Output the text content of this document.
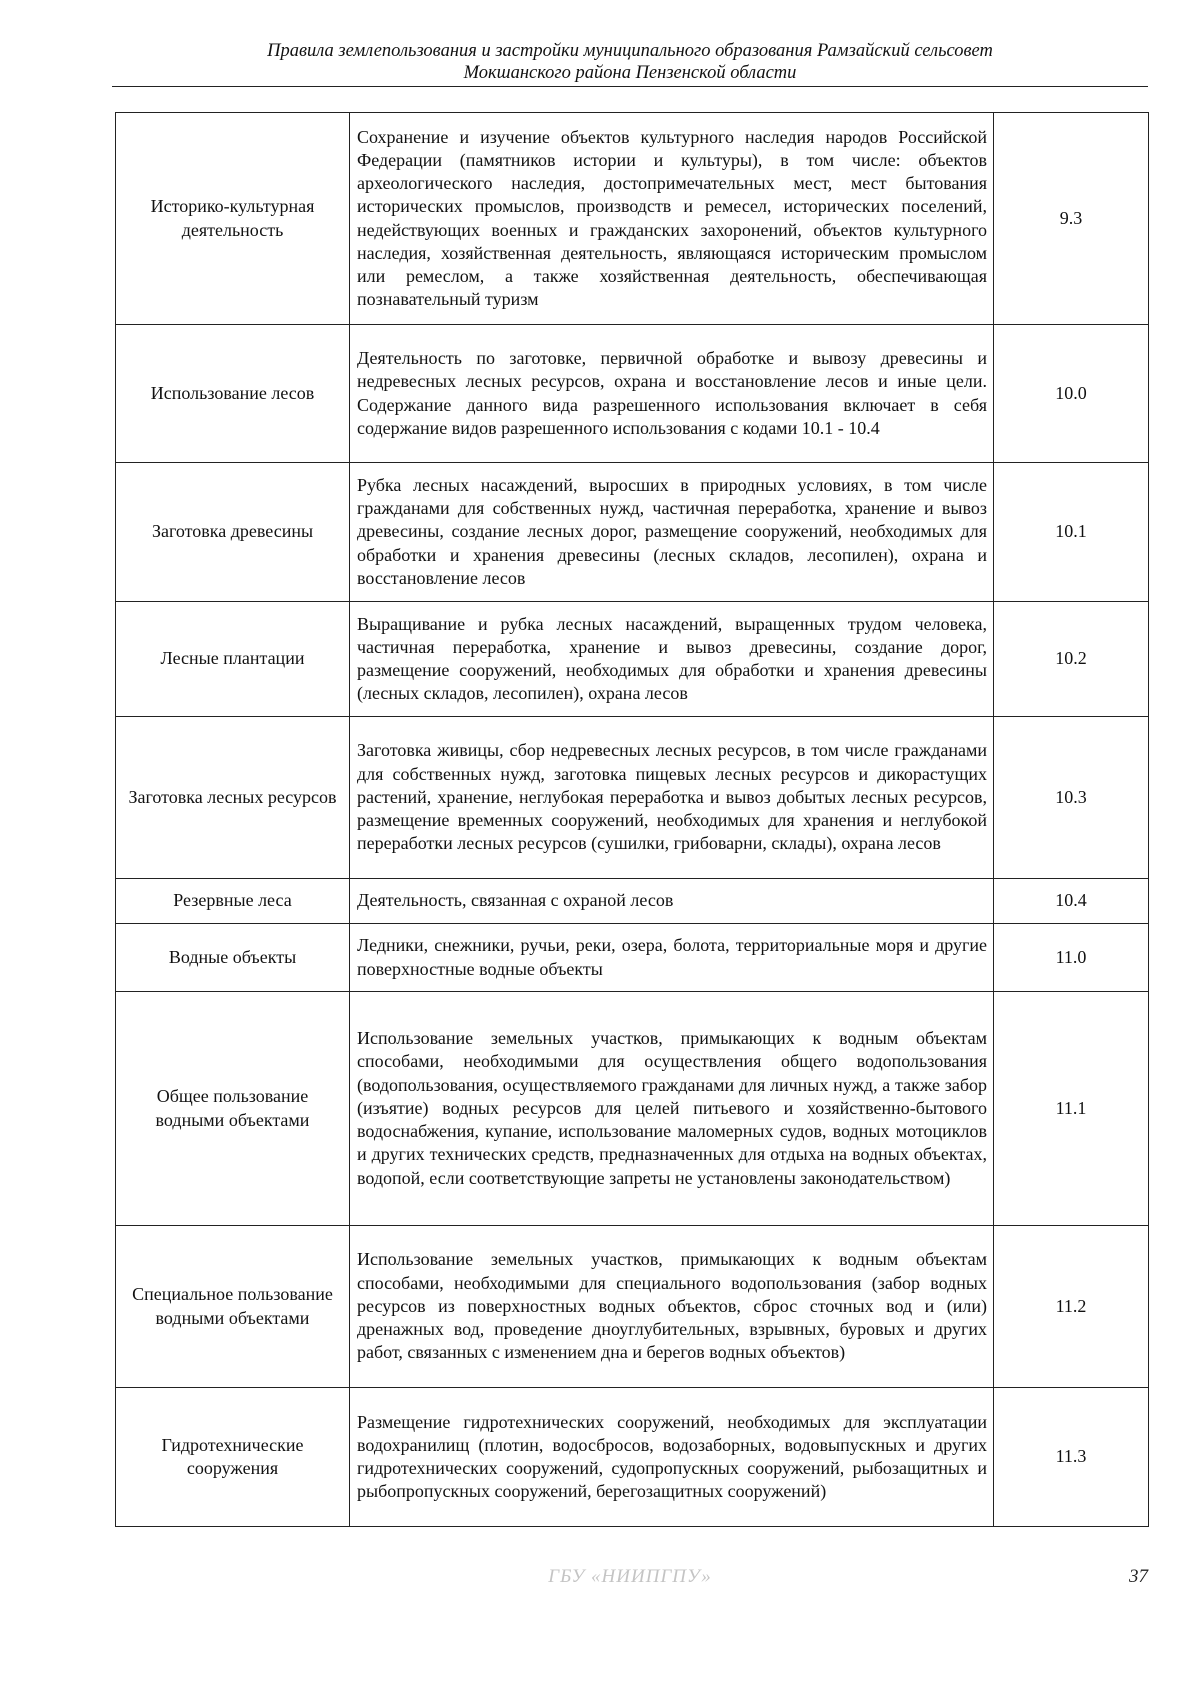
Правила землепользования и застройки муниципального образования Рамзайский сельсовет
Мокшанского района Пензенской области
Историко-культурная деятельность	Сохранение и изучение объектов культурного наследия народов Российской Федерации (памятников истории и культуры), в том числе: объектов археологического наследия, достопримечательных мест, мест бытования исторических промыслов, производств и ремесел, исторических поселений, недействующих военных и гражданских захоронений, объектов культурного наследия, хозяйственная деятельность, являющаяся историческим промыслом или ремеслом, а также хозяйственная деятельность, обеспечивающая познавательный туризм	9.3
Использование лесов	Деятельность по заготовке, первичной обработке и вывозу древесины и недревесных лесных ресурсов, охрана и восстановление лесов и иные цели. Содержание данного вида разрешенного использования включает в себя содержание видов разрешенного использования с кодами 10.1 - 10.4	10.0
Заготовка древесины	Рубка лесных насаждений, выросших в природных условиях, в том числе гражданами для собственных нужд, частичная переработка, хранение и вывоз древесины, создание лесных дорог, размещение сооружений, необходимых для обработки и хранения древесины (лесных складов, лесопилен), охрана и восстановление лесов	10.1
Лесные плантации	Выращивание и рубка лесных насаждений, выращенных трудом человека, частичная переработка, хранение и вывоз древесины, создание дорог, размещение сооружений, необходимых для обработки и хранения древесины (лесных складов, лесопилен), охрана лесов	10.2
Заготовка лесных ресурсов	Заготовка живицы, сбор недревесных лесных ресурсов, в том числе гражданами для собственных нужд, заготовка пищевых лесных ресурсов и дикорастущих растений, хранение, неглубокая переработка и вывоз добытых лесных ресурсов, размещение временных сооружений, необходимых для хранения и неглубокой переработки лесных ресурсов (сушилки, грибоварни, склады), охрана лесов	10.3
Резервные леса	Деятельность, связанная с охраной лесов	10.4
Водные объекты	Ледники, снежники, ручьи, реки, озера, болота, территориальные моря и другие поверхностные водные объекты	11.0
Общее пользование водными объектами	Использование земельных участков, примыкающих к водным объектам способами, необходимыми для осуществления общего водопользования (водопользования, осуществляемого гражданами для личных нужд, а также забор (изъятие) водных ресурсов для целей питьевого и хозяйственно-бытового водоснабжения, купание, использование маломерных судов, водных мотоциклов и других технических средств, предназначенных для отдыха на водных объектах, водопой, если соответствующие запреты не установлены законодательством)	11.1
Специальное пользование водными объектами	Использование земельных участков, примыкающих к водным объектам способами, необходимыми для специального водопользования (забор водных ресурсов из поверхностных водных объектов, сброс сточных вод и (или) дренажных вод, проведение дноуглубительных, взрывных, буровых и других работ, связанных с изменением дна и берегов водных объектов)	11.2
Гидротехнические сооружения	Размещение гидротехнических сооружений, необходимых для эксплуатации водохранилищ (плотин, водосбросов, водозаборных, водовыпускных и других гидротехнических сооружений, судопропускных сооружений, рыбозащитных и рыбопропускных сооружений, берегозащитных сооружений)	11.3
ГБУ «НИИПГПУ»	37
